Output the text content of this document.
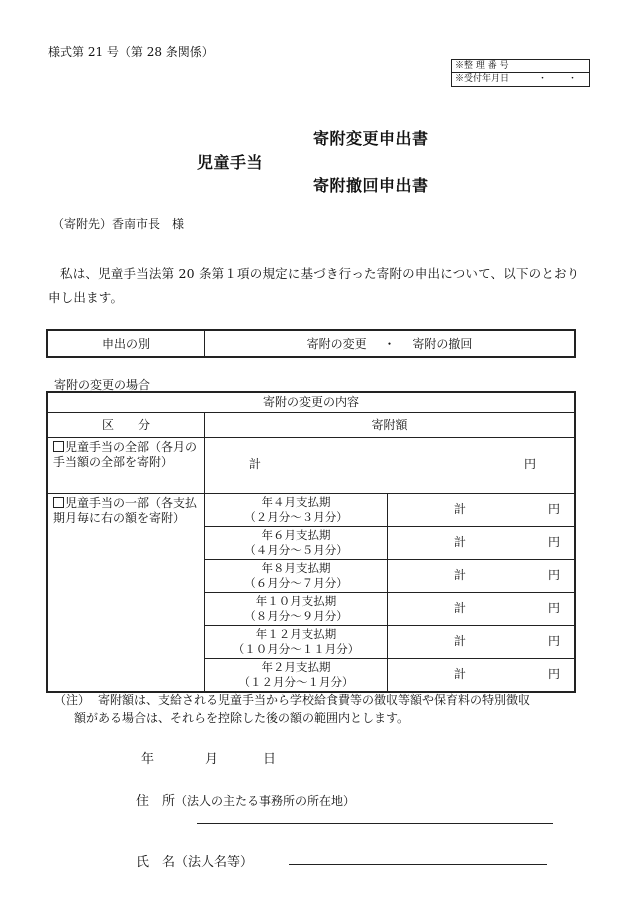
様式第 21 号（第 28 条関係）
※整 理 番 号
※受付年月日	・ ・
寄附変更申出書
児童手当
寄附撤回申出書
（寄附先）香南市長　様
私は、児童手当法第 20 条第１項の規定に基づき行った寄附の申出について、以下のとおり申し出ます。
申出の別	寄附の変更 ・ 寄附の撤回
寄附の変更の場合
寄附の変更の内容		
区　　分	寄附額	
児童手当の全部（各月の手当額の全部を寄附）	計 円	

児童手当の一部（各支払期月毎に右の額を寄附）	年４月支払期
（２月分～３月分）	計 円

	年６月支払期
（４月分～５月分）	計 円

	年８月支払期
（６月分～７月分）	計 円

	年１０月支払期
（８月分～９月分）	計 円

	年１２月支払期
（１０月分～１１月分）	計 円

	年２月支払期
（１２月分～１月分）	計 円
（注） 寄附額は、支給される児童手当から学校給食費等の徴収等額や保育料の特別徴収
額がある場合は、それらを控除した後の額の範囲内とします。
年	月	日
住　所（法人の主たる事務所の所在地）
氏　名（法人名等）
